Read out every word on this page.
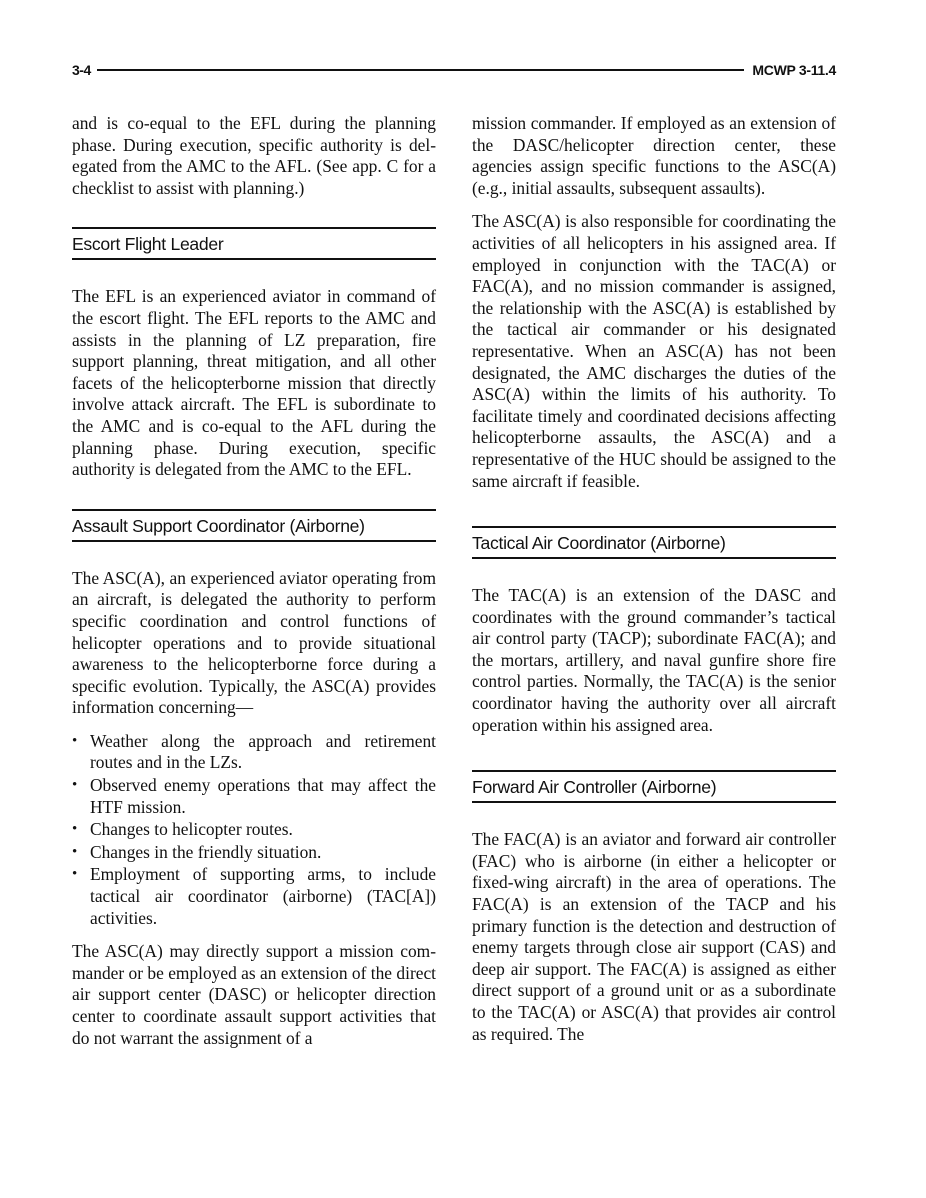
3-4	MCWP 3-11.4

and is co-equal to the EFL during the planning phase. During execution, specific authority is delegated from the AMC to the AFL. (See app. C for a checklist to assist with planning.)

Escort Flight Leader

The EFL is an experienced aviator in command of the escort flight. The EFL reports to the AMC and assists in the planning of LZ preparation, fire support planning, threat mitigation, and all other facets of the helicopterborne mission that directly involve attack aircraft. The EFL is subordinate to the AMC and is co-equal to the AFL during the planning phase. During execution, specific authority is delegated from the AMC to the EFL.

Assault Support Coordinator (Airborne)

The ASC(A), an experienced aviator operating from an aircraft, is delegated the authority to perform specific coordination and control functions of helicopter operations and to provide situational awareness to the helicopterborne force during a specific evolution. Typically, the ASC(A) provides information concerning—

• Weather along the approach and retirement routes and in the LZs.
• Observed enemy operations that may affect the HTF mission.
• Changes to helicopter routes.
• Changes in the friendly situation.
• Employment of supporting arms, to include tactical air coordinator (airborne) (TAC[A]) activities.

The ASC(A) may directly support a mission commander or be employed as an extension of the direct air support center (DASC) or helicopter direction center to coordinate assault support activities that do not warrant the assignment of a

mission commander. If employed as an extension of the DASC/helicopter direction center, these agencies assign specific functions to the ASC(A) (e.g., initial assaults, subsequent assaults).

The ASC(A) is also responsible for coordinating the activities of all helicopters in his assigned area. If employed in conjunction with the TAC(A) or FAC(A), and no mission commander is assigned, the relationship with the ASC(A) is established by the tactical air commander or his designated representative. When an ASC(A) has not been designated, the AMC discharges the duties of the ASC(A) within the limits of his authority. To facilitate timely and coordinated decisions affecting helicopterborne assaults, the ASC(A) and a representative of the HUC should be assigned to the same aircraft if feasible.

Tactical Air Coordinator (Airborne)

The TAC(A) is an extension of the DASC and coordinates with the ground commander’s tactical air control party (TACP); subordinate FAC(A); and the mortars, artillery, and naval gunfire shore fire control parties. Normally, the TAC(A) is the senior coordinator having the authority over all aircraft operation within his assigned area.

Forward Air Controller (Airborne)

The FAC(A) is an aviator and forward air controller (FAC) who is airborne (in either a helicopter or fixed-wing aircraft) in the area of operations. The FAC(A) is an extension of the TACP and his primary function is the detection and destruction of enemy targets through close air support (CAS) and deep air support. The FAC(A) is assigned as either direct support of a ground unit or as a subordinate to the TAC(A) or ASC(A) that provides air control as required. The
